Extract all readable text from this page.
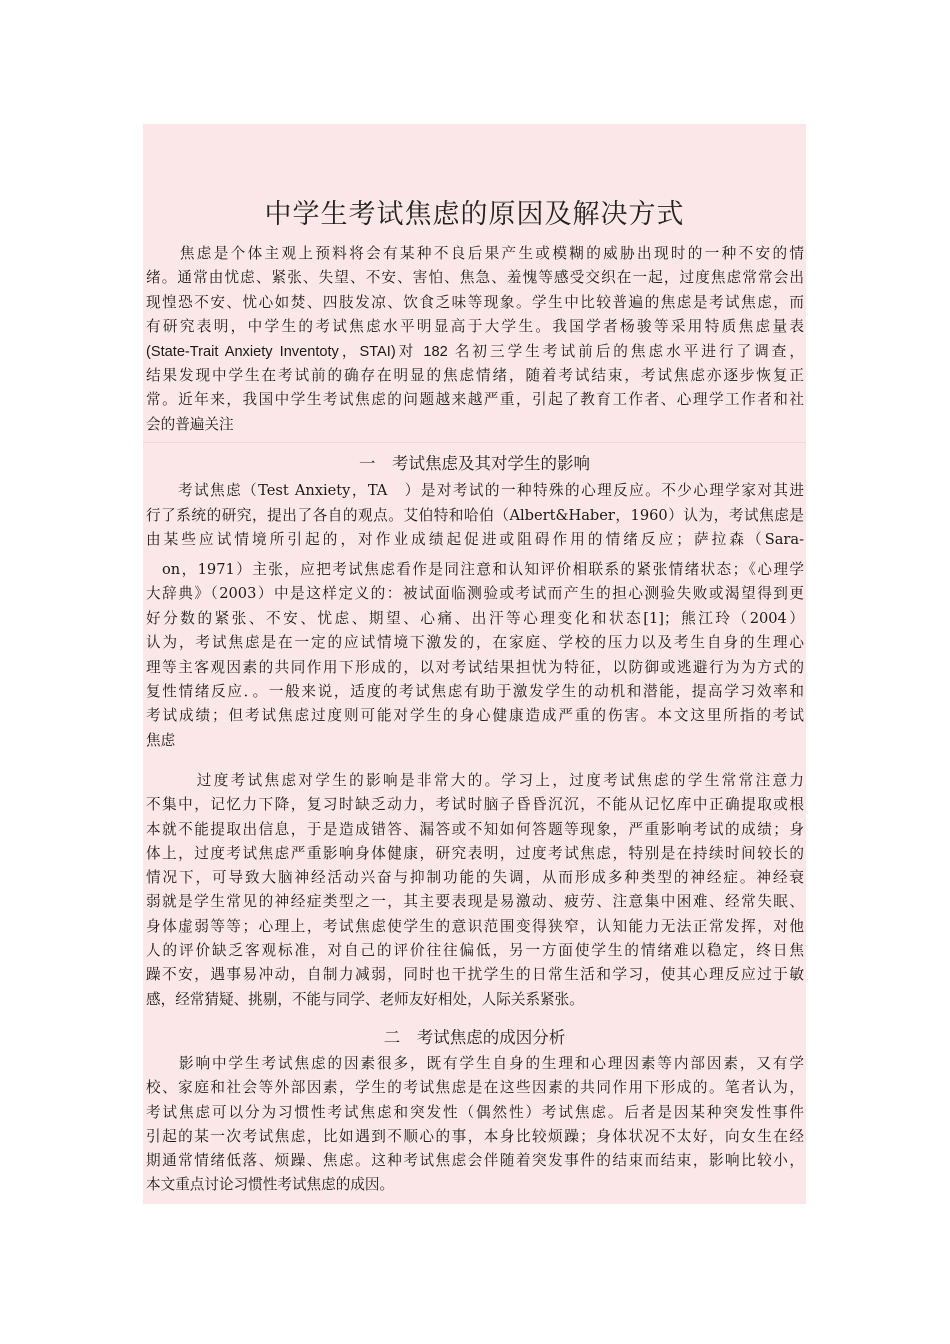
中学生考试焦虑的原因及解决方式
　　焦虑是个体主观上预料将会有某种不良后果产生或模糊的威胁出现时的一种不安的情
绪。通常由忧虑、紧张、失望、不安、害怕、焦急、羞愧等感受交织在一起，过度焦虑常常会出
现惶恐不安、忧心如焚、四肢发凉、饮食乏味等现象。学生中比较普遍的焦虑是考试焦虑，而
有研究表明，中学生的考试焦虑水平明显高于大学生。我国学者杨骏等采用特质焦虑量表
(State-Trait Anxiety Inventoty，STAI)对 182 名初三学生考试前后的焦虑水平进行了调查，
结果发现中学生在考试前的确存在明显的焦虑情绪，随着考试结束，考试焦虑亦逐步恢复正
常。近年来，我国中学生考试焦虑的问题越来越严重，引起了教育工作者、心理学工作者和社
会的普遍关注
一　考试焦虑及其对学生的影响
　　考试焦虑（Test Anxiety，TA　）是对考试的一种特殊的心理反应。不少心理学家对其进
行了系统的研究，提出了各自的观点。艾伯特和哈伯（Albert&Haber，1960）认为，考试焦虑是
由某些应试情境所引起的，对作业成绩起促进或阻碍作用的情绪反应；萨拉森（Sara-
　on，1971）主张，应把考试焦虑看作是同注意和认知评价相联系的紧张情绪状态；《心理学
大辞典》（2003）中是这样定义的：被试面临测验或考试而产生的担心测验失败或渴望得到更
好分数的紧张、不安、忧虑、期望、心痛、出汗等心理变化和状态[1]；熊江玲（2004）
认为，考试焦虑是在一定的应试情境下激发的，在家庭、学校的压力以及考生自身的生理心
理等主客观因素的共同作用下形成的，以对考试结果担忧为特征，以防御或逃避行为为方式的
复性情绪反应．。一般来说，适度的考试焦虑有助于激发学生的动机和潜能，提高学习效率和
考试成绩；但考试焦虑过度则可能对学生的身心健康造成严重的伤害。本文这里所指的考试
焦虑
　　　过度考试焦虑对学生的影响是非常大的。学习上，过度考试焦虑的学生常常注意力
不集中，记忆力下降，复习时缺乏动力，考试时脑子昏昏沉沉，不能从记忆库中正确提取或根
本就不能提取出信息，于是造成错答、漏答或不知如何答题等现象，严重影响考试的成绩；身
体上，过度考试焦虑严重影响身体健康，研究表明，过度考试焦虑，特别是在持续时间较长的
情况下，可导致大脑神经活动兴奋与抑制功能的失调，从而形成多种类型的神经症。神经衰
弱就是学生常见的神经症类型之一，其主要表现是易激动、疲劳、注意集中困难、经常失眠、
身体虚弱等等；心理上，考试焦虑使学生的意识范围变得狭窄，认知能力无法正常发挥，对他
人的评价缺乏客观标准，对自己的评价往往偏低，另一方面使学生的情绪难以稳定，终日焦
躁不安，遇事易冲动，自制力减弱，同时也干扰学生的日常生活和学习，使其心理反应过于敏
感，经常猜疑、挑剔，不能与同学、老师友好相处，人际关系紧张。
二　考试焦虑的成因分析
　　影响中学生考试焦虑的因素很多，既有学生自身的生理和心理因素等内部因素，又有学
校、家庭和社会等外部因素，学生的考试焦虑是在这些因素的共同作用下形成的。笔者认为，
考试焦虑可以分为习惯性考试焦虑和突发性（偶然性）考试焦虑。后者是因某种突发性事件
引起的某一次考试焦虑，比如遇到不顺心的事，本身比较烦躁；身体状况不太好，向女生在经
期通常情绪低落、烦躁、焦虑。这种考试焦虑会伴随着突发事件的结束而结束，影响比较小，
本文重点讨论习惯性考试焦虑的成因。
